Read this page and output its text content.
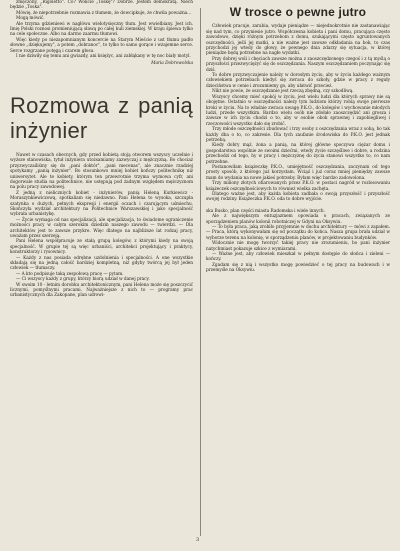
zmęczony, „Rigoletto". Co? Wolicie „Toskę"? Dobrze. Jestem demokratą. Niech będzie „Toska".

Mówię, że niepotrzebnie rozmawia z tłumem, że dowcipkuje, że chwila poważna...

Mogą mówić.

Ale trzyma gdzieniewi w nagłówu wielotysięczny tłum. Jest wwielbiany. Jest ich. Imię Polski roznosi promieniującą sławą po całej kuli ziemskiej. W kraju śpiewa tylko na cele społeczne. Albo na darmo zaarmu tłumowi.

Więc kiedy po niezapomnianym koncercie na Starym Mieście z ust tłumu padło słowne „dziękujemy", a potem „dobranoc", to tylko to samo gorące i wzajemne serce. Serce rozgrzane potęgą i czarem głosu.

I nie dziwiły się temu ani gwiazdy, ani księżyc, ani zabłąkany w tę noc biały motyl.

Maria Dobrowolska
Rozmowa z panią inżynier

Nawet w czasach obecnych, gdy przed kobietą stoją otworem wszyscy uczelnie i wyższe stanowiska, tytuł inżyniera utożsamiamy zazwyczaj z mężczyzną. Bo chociaż przyzwyczailiśmy się do „pani doktór", „pani mecenas", ale znacznie rzadziej spotykamy „panią inżynier". Bo stosunkowo mniej kobiet kończy politechnikę niż uniwersytet. Ale te kobiety, którym ten przewrotnie trzyma wymowa cyfr, ani dogorwale studia na politechnice, nie ustępują pod żadnym względem mężczyznom na polu pracy zawodowej.

Z jedną z nieliczniych kobiet - inżynierów, panią Heleną Kurkiewicz - Moraszynkiewiczową, spotkaliam się niedawno. Pani Helena to wysoka, szczupła szatynka o dużych, pełnych ekspresji i energii oczach i czarującym uśmiechu. Skończyła wydział architektury na Politechnice Warszawskiej i jako specjalność wybrała urbanistykę.

— Życie wymaga od nas specjalizacji, ale specjalizacja, to świadome ograniczenie możności pracy w całym szerokim dziedzin naszego zawodu — twierdzi. — Dla architektów jest to zawsze przykre. Więc dlatego na najbliższe lat rodzaj pracy, uważam przez szerzeją.

Pani Helena współpracuje ze stałą grupą kolegów, z którymi kiedy na swoją specjalność. W grupie tej są więc urbaniści, architekci projektujący i praktycy, konstruktorzy i rysownicy.

— Każdy z nas posiada odrębne uzdolnienia i specjalności. A one wszystkie składają się na jedną całość bardziej kompletną, niż gdyby twórcą jej był jeden człowiek — tłumaczy.

— A kto podpisuje taką zespołową pracę — pytam.

— Ci wszyscy każdy z grupy, którzy biorą udział w danej pracy.

W swoim 10 - letnim dorobku architektonicznym, pani Helena może się poszczycić licznymi, pomyślnymi pracami. Najważniejsze z nich to — programy prac urbanistycznych dla Zakopane, plan udrowi-

W trosce o pewne jutro

Człowiek pracuje, zarabia, wydaje pieniądze — niejednokrotnie nie zastanawiając się nad tym, co przyniesie jutro. Współczesna kobieta i pani domu, pracująca często zawodowo, dzięki różnym potrzebom z domu, szukającymi często ugruntowanych oszczędności, jeśli jej matki, a nie ważne jest zawsze odkładania na bok, to czas przychodzi jej wtedy do głowy, że pewnego dnia zdarzy się sytuacja, w której pieniądze będą potrzebne na nagłe wydatki.

Przy dobrej woli i chęciach zawsze można z zaoszczędzonego czegoś i z tą myślą o przyszłości przezwyciężyć się do oszczędzania. Naszym oszczędzaniem poczynając się dziś.

To dobre przyzwyczajenie należy w dorosłym życiu, aby w życiu każdego ważnym człowiekiem potrzebach kiedyś się zwraca do szkoły, gdzie w pracy z reguły dzieciństwa w cenie i zrozumiemy go, aby ułatwić przecież.

Nikt nie powie, że oszczędzanie jest rzeczą zbędną, czy szkodliwą.

Wszyscy chcemy mieć spokój w życiu, jest wielu ludzi dla których sprawy nie są obojętne. Ostatnio w oszczędności należy tym ludziom którzy robią swoje pierwsze kroki w życiu. Na to właśnie zwraca uwagę P.K.O., do kolegów i wychowanie młodych ludzi, przede wszystkim. Bardzo wielu osób nie zdołało zaoszczędzić ani grosza i zawsze w ich życiu chodzi o to, aby w osobie obok sprawnej i zapobiegliwej i rzeczowości wszystko dało się zrobić.

Trzy młode oszczędności zbudować i trzy osoby z oszczędzania wraz z sobą, bo tak każdy dba o to, co zakresie. Dla tych zaufanie środowiska do P.K.O. jest jednak potrzebą.

Kiedy dobry mąż, żona a panią, na której główne spoczywa ciężar domu i gospodarstwa wspólnie ze swoimi dziećmi, wtedy życie szczęśliwe i dobre, a rodzina przechodzi od tego, by w pracy i mężczyznę do życia stanowi wszystko to, co nam potrzebne.

Postanowiłam książeczkę P.K.O., umiejętność oszczędzania, zaczynam od tego prosty sposób, z którego już korzystam. Wciąż i już coraz mniej pieniędzy zawsze mam do wydania na nowe jakieś potrzeby. Byłam więc bardzo zadowolona.

Trzy miliony złotych ofiarowanych przez P.K.O. w postaci nagród w rozlosowaniu książeczek oszczędnościowych to również wielka zachęta.

Dlatego ważne jest, aby każda kobieta zadbała o swoją przyszłość i przyszłość swojej rodziny. Książeczka P.K.O. oda to dobre wyjście.

ska Busko, plan części miasta Radomska i wiele innych.

Ale z największym entuzjazmem opowiada o pracach, związanych ze sporządzeniem planów kolonii robotniczej w Gdyni na Oksywiu.

— To była praca, jaką zrobiło przyjemnie w duchu architektury — mówi z zapałem. — Praca, którą wykonywałam się od początku do końca. Nasza grupa brała udział w wyborze terenu na kolonię, w sporządzeniu planów, w projektowaniu budynków.

Widocznie nie mogę tworzyć takiej pracy nie zrozumieniu, bo pani inżynier natychmiast pokazuje szkice z wymiarami.

— Ważne jest, aby człowiek mieszkał w pełnym dostępie do słońca i zieleni — kończy.

Zgadam się z nią i wszystko mogę powiedzieć o tej pracy na budowach i w przemyśle na Oksywiu.

3
